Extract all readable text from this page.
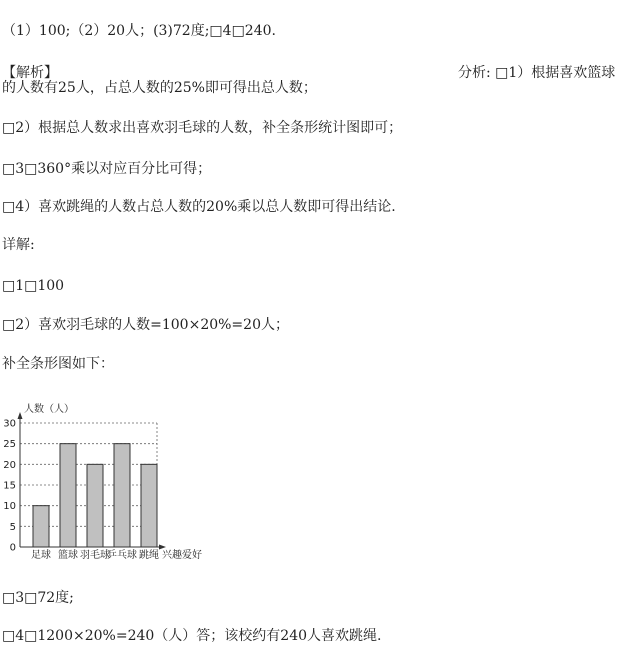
（1）100;（2）20人；(3)72度;□4□240.
【解析】	分析: □1）根据喜欢篮球
的人数有25人，占总人数的25%即可得出总人数；
□2）根据总人数求出喜欢羽毛球的人数，补全条形统计图即可；
□3□360°乘以对应百分比可得；
□4）喜欢跳绳的人数占总人数的20%乘以总人数即可得出结论.
详解:
□1□100
□2）喜欢羽毛球的人数=100×20%=20人；
补全条形图如下：
0
5
10
15
20
25
30
足球 篮球 羽毛球
乒乓球 跳绳
人数（人）
兴趣爱好
□3□72度;
□4□1200×20%=240（人）答；该校约有240人喜欢跳绳.
